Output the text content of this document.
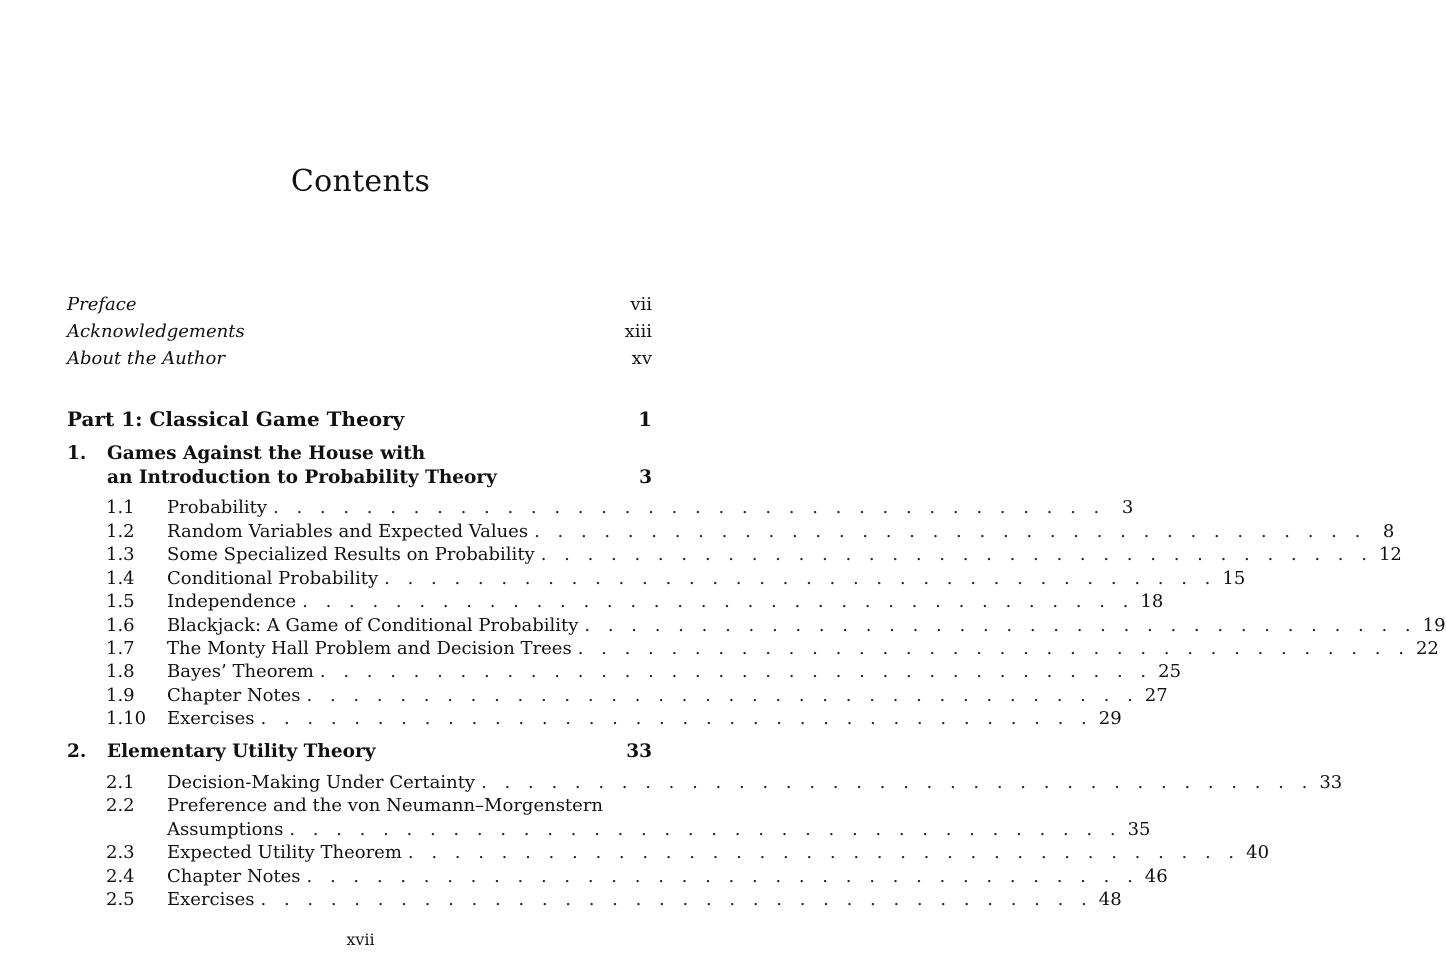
Contents
Preface	vii
Acknowledgements	xiii
About the Author	xv
Part 1: Classical Game Theory	1
1.	Games Against the House with
an Introduction to Probability Theory	3
1.1	Probability . . . . . . . . . . . . . . . . . . . . . . . . . . . . . . . . . . . . 3
1.2	Random Variables and Expected Values . . . . . . . . . . . . . . . . . . . . . . . . . . . . . . . . . . . . 8
1.3	Some Specialized Results on Probability . . . . . . . . . . . . . . . . . . . . . . . . . . . . . . . . . . . . 12
1.4	Conditional Probability . . . . . . . . . . . . . . . . . . . . . . . . . . . . . . . . . . . . 15
1.5	Independence . . . . . . . . . . . . . . . . . . . . . . . . . . . . . . . . . . . . 18
1.6	Blackjack: A Game of Conditional Probability . . . . . . . . . . . . . . . . . . . . . . . . . . . . . . . . . . . . 19
1.7	The Monty Hall Problem and Decision Trees . . . . . . . . . . . . . . . . . . . . . . . . . . . . . . . . . . . . 22
1.8	Bayes’ Theorem . . . . . . . . . . . . . . . . . . . . . . . . . . . . . . . . . . . . 25
1.9	Chapter Notes . . . . . . . . . . . . . . . . . . . . . . . . . . . . . . . . . . . . 27
1.10	Exercises . . . . . . . . . . . . . . . . . . . . . . . . . . . . . . . . . . . . 29
2.	Elementary Utility Theory	33
2.1	Decision-Making Under Certainty . . . . . . . . . . . . . . . . . . . . . . . . . . . . . . . . . . . . 33
2.2	Preference and the von Neumann–Morgenstern
Assumptions . . . . . . . . . . . . . . . . . . . . . . . . . . . . . . . . . . . . 35
2.3	Expected Utility Theorem . . . . . . . . . . . . . . . . . . . . . . . . . . . . . . . . . . . . 40
2.4	Chapter Notes . . . . . . . . . . . . . . . . . . . . . . . . . . . . . . . . . . . . 46
2.5	Exercises . . . . . . . . . . . . . . . . . . . . . . . . . . . . . . . . . . . . 48
xvii
